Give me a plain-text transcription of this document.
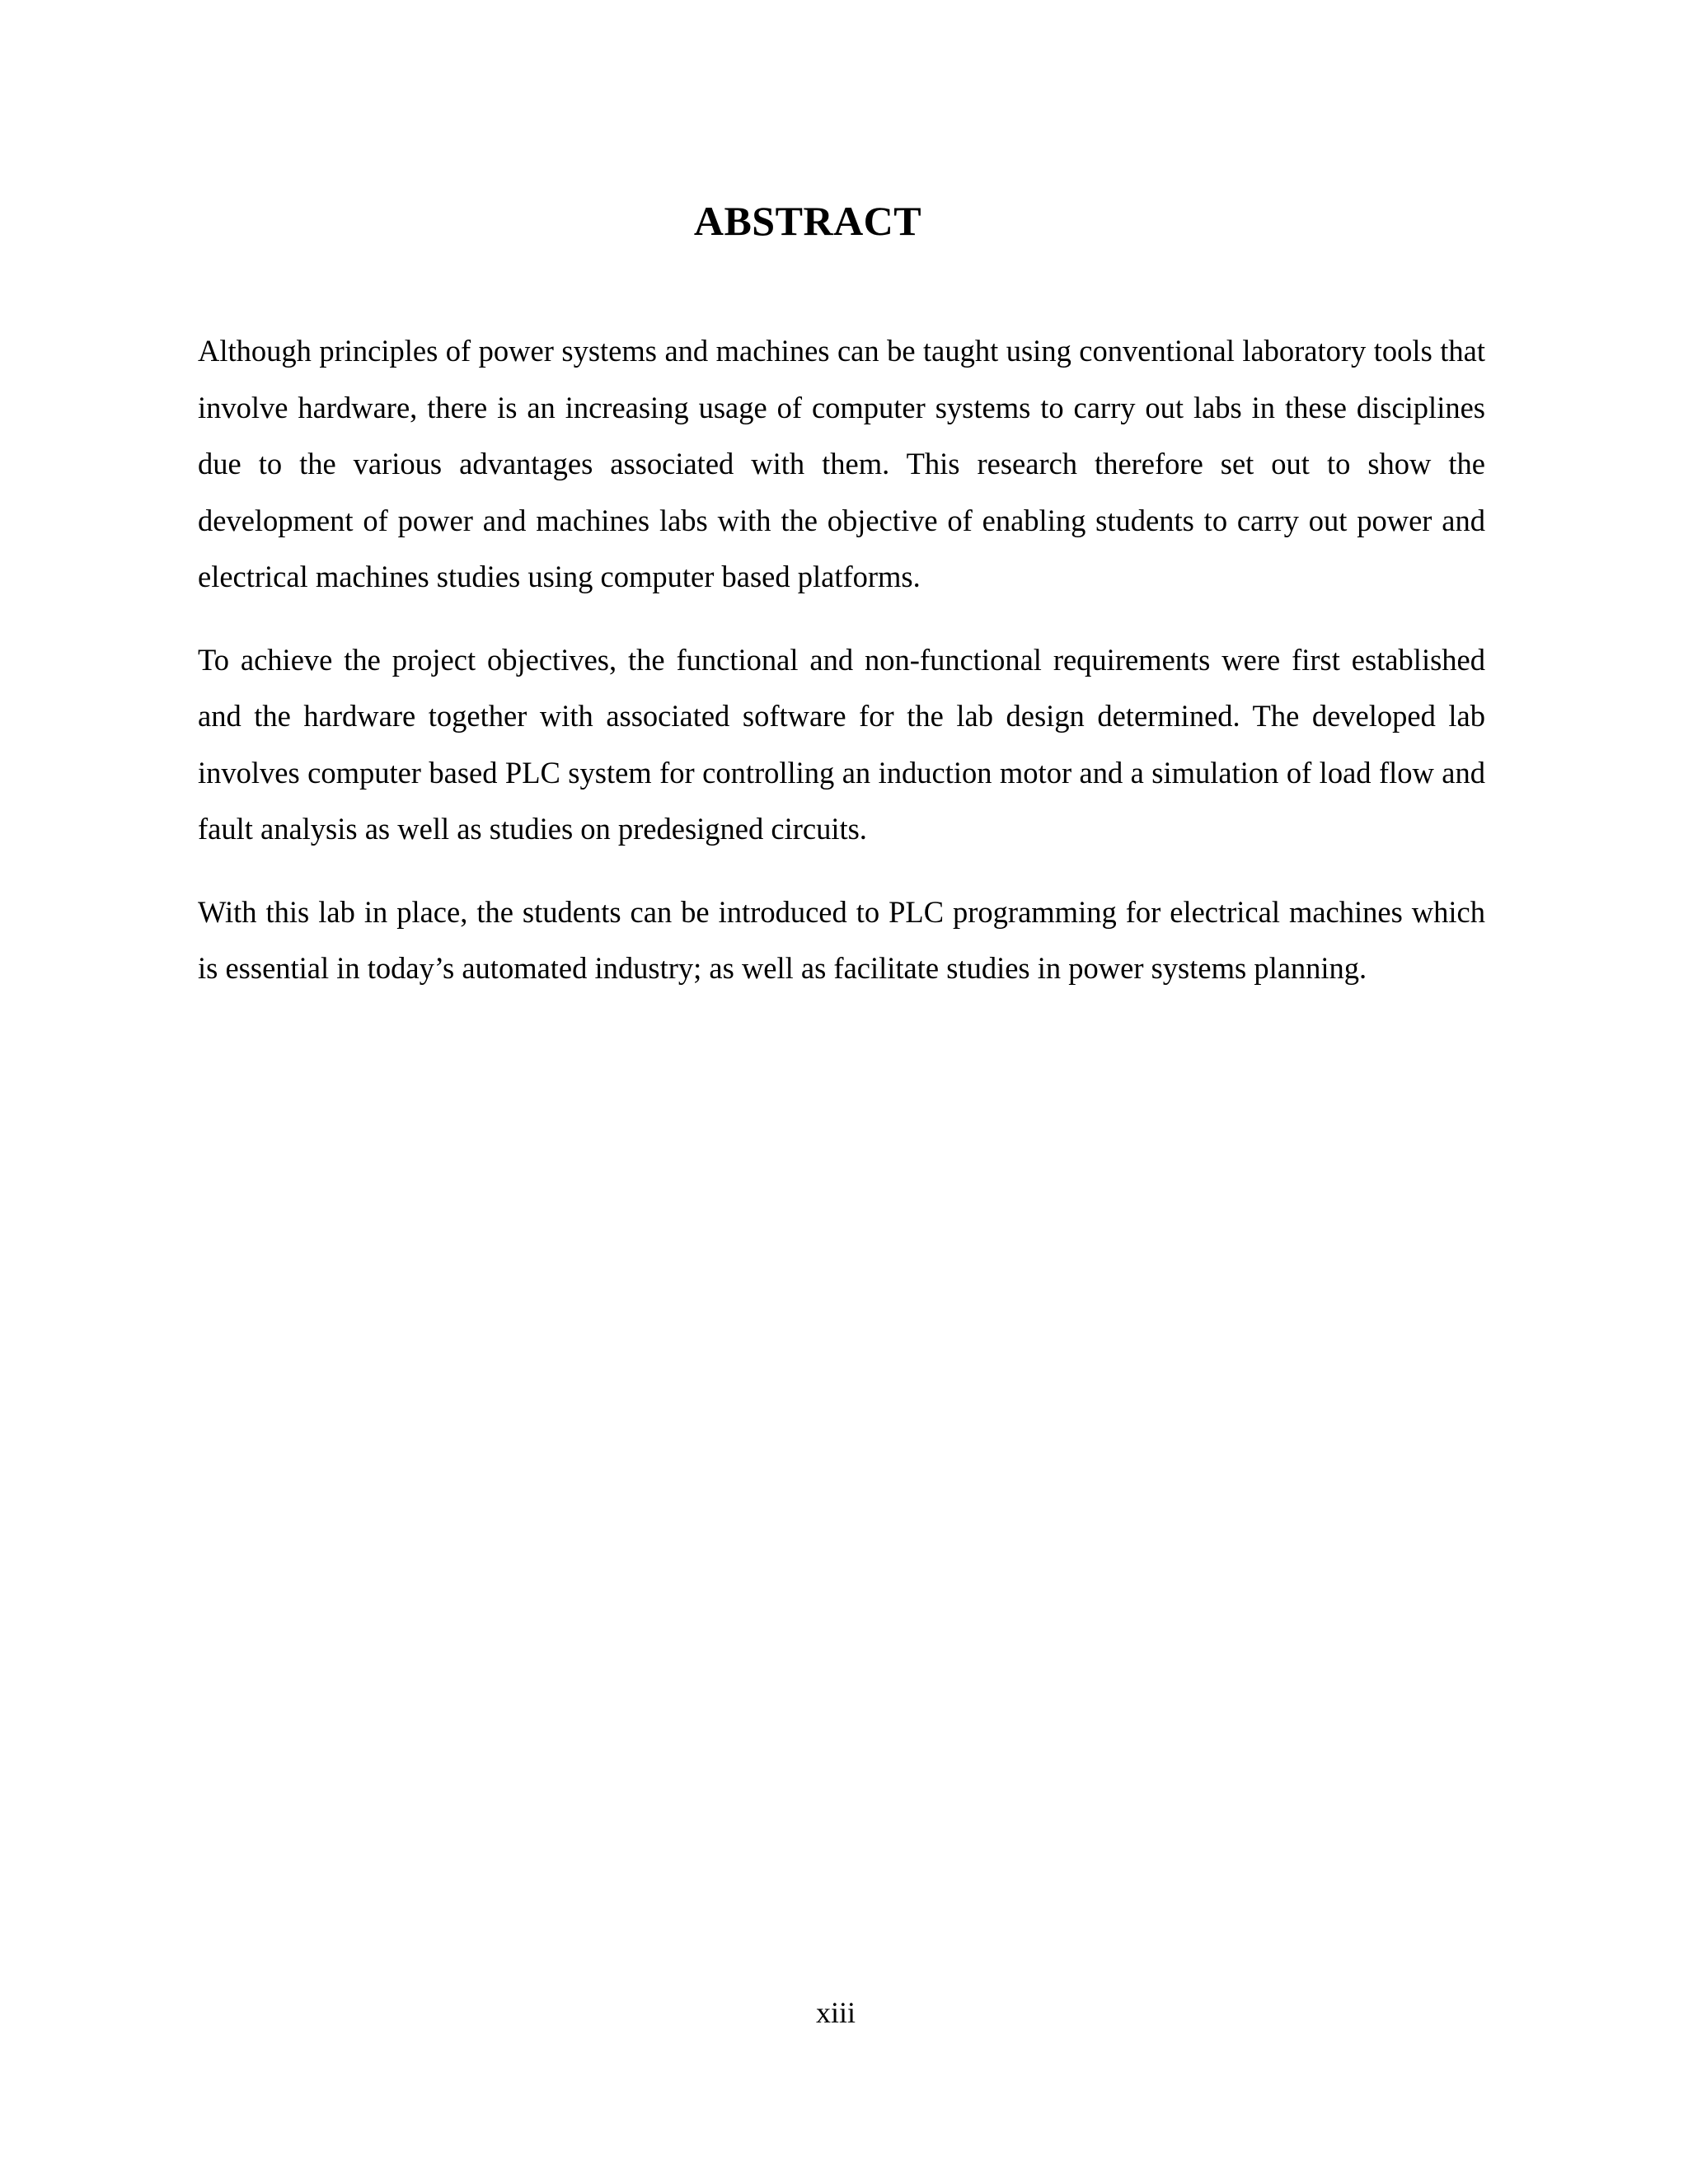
ABSTRACT

Although principles of power systems and machines can be taught using conventional laboratory tools that involve hardware, there is an increasing usage of computer systems to carry out labs in these disciplines due to the various advantages associated with them. This research therefore set out to show the development of power and machines labs with the objective of enabling students to carry out power and electrical machines studies using computer based platforms.

To achieve the project objectives, the functional and non-functional requirements were first established and the hardware together with associated software for the lab design determined. The developed lab involves computer based PLC system for controlling an induction motor and a simulation of load flow and fault analysis as well as studies on predesigned circuits.

With this lab in place, the students can be introduced to PLC programming for electrical machines which is essential in today’s automated industry; as well as facilitate studies in power systems planning.

xiii
